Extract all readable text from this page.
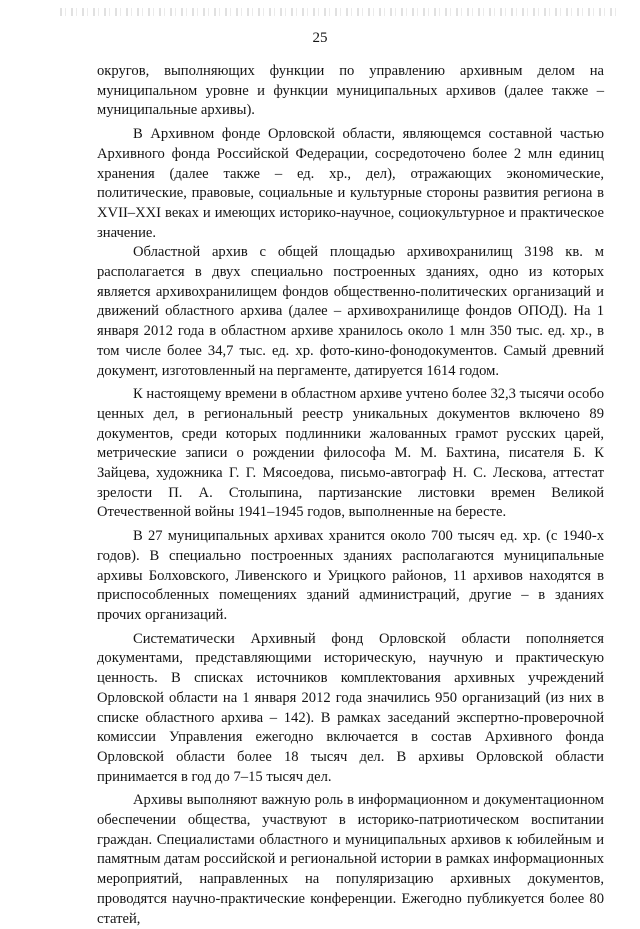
25

округов, выполняющих функции по управлению архивным делом на муниципальном уровне и функции муниципальных архивов (далее также – муниципальные архивы).

В Архивном фонде Орловской области, являющемся составной частью Архивного фонда Российской Федерации, сосредоточено более 2 млн единиц хранения (далее также – ед. хр., дел), отражающих экономические, политические, правовые, социальные и культурные стороны развития региона в XVII–XXI веках и имеющих историко-научное, социокультурное и практическое значение.

Областной архив с общей площадью архивохранилищ 3198 кв. м располагается в двух специально построенных зданиях, одно из которых является архивохранилищем фондов общественно-политических организаций и движений областного архива (далее – архивохранилище фондов ОПОД). На 1 января 2012 года в областном архиве хранилось около 1 млн 350 тыс. ед. хр., в том числе более 34,7 тыс. ед. хр. фото-кино-фонодокументов. Самый древний документ, изготовленный на пергаменте, датируется 1614 годом.

К настоящему времени в областном архиве учтено более 32,3 тысячи особо ценных дел, в региональный реестр уникальных документов включено 89 документов, среди которых подлинники жалованных грамот русских царей, метрические записи о рождении философа М. М. Бахтина, писателя Б. К Зайцева, художника Г. Г. Мясоедова, письмо-автограф Н. С. Лескова, аттестат зрелости П. А. Столыпина, партизанские листовки времен Великой Отечественной войны 1941–1945 годов, выполненные на бересте.

В 27 муниципальных архивах хранится около 700 тысяч ед. хр. (с 1940-х годов). В специально построенных зданиях располагаются муниципальные архивы Болховского, Ливенского и Урицкого районов, 11 архивов находятся в приспособленных помещениях зданий администраций, другие – в зданиях прочих организаций.

Систематически Архивный фонд Орловской области пополняется документами, представляющими историческую, научную и практическую ценность. В списках источников комплектования архивных учреждений Орловской области на 1 января 2012 года значились 950 организаций (из них в списке областного архива – 142). В рамках заседаний экспертно-проверочной комиссии Управления ежегодно включается в состав Архивного фонда Орловской области более 18 тысяч дел. В архивы Орловской области принимается в год до 7–15 тысяч дел.

Архивы выполняют важную роль в информационном и документационном обеспечении общества, участвуют в историко-патриотическом воспитании граждан. Специалистами областного и муниципальных архивов к юбилейным и памятным датам российской и региональной истории в рамках информационных мероприятий, направленных на популяризацию архивных документов, проводятся научно-практические конференции. Ежегодно публикуется более 80 статей,
